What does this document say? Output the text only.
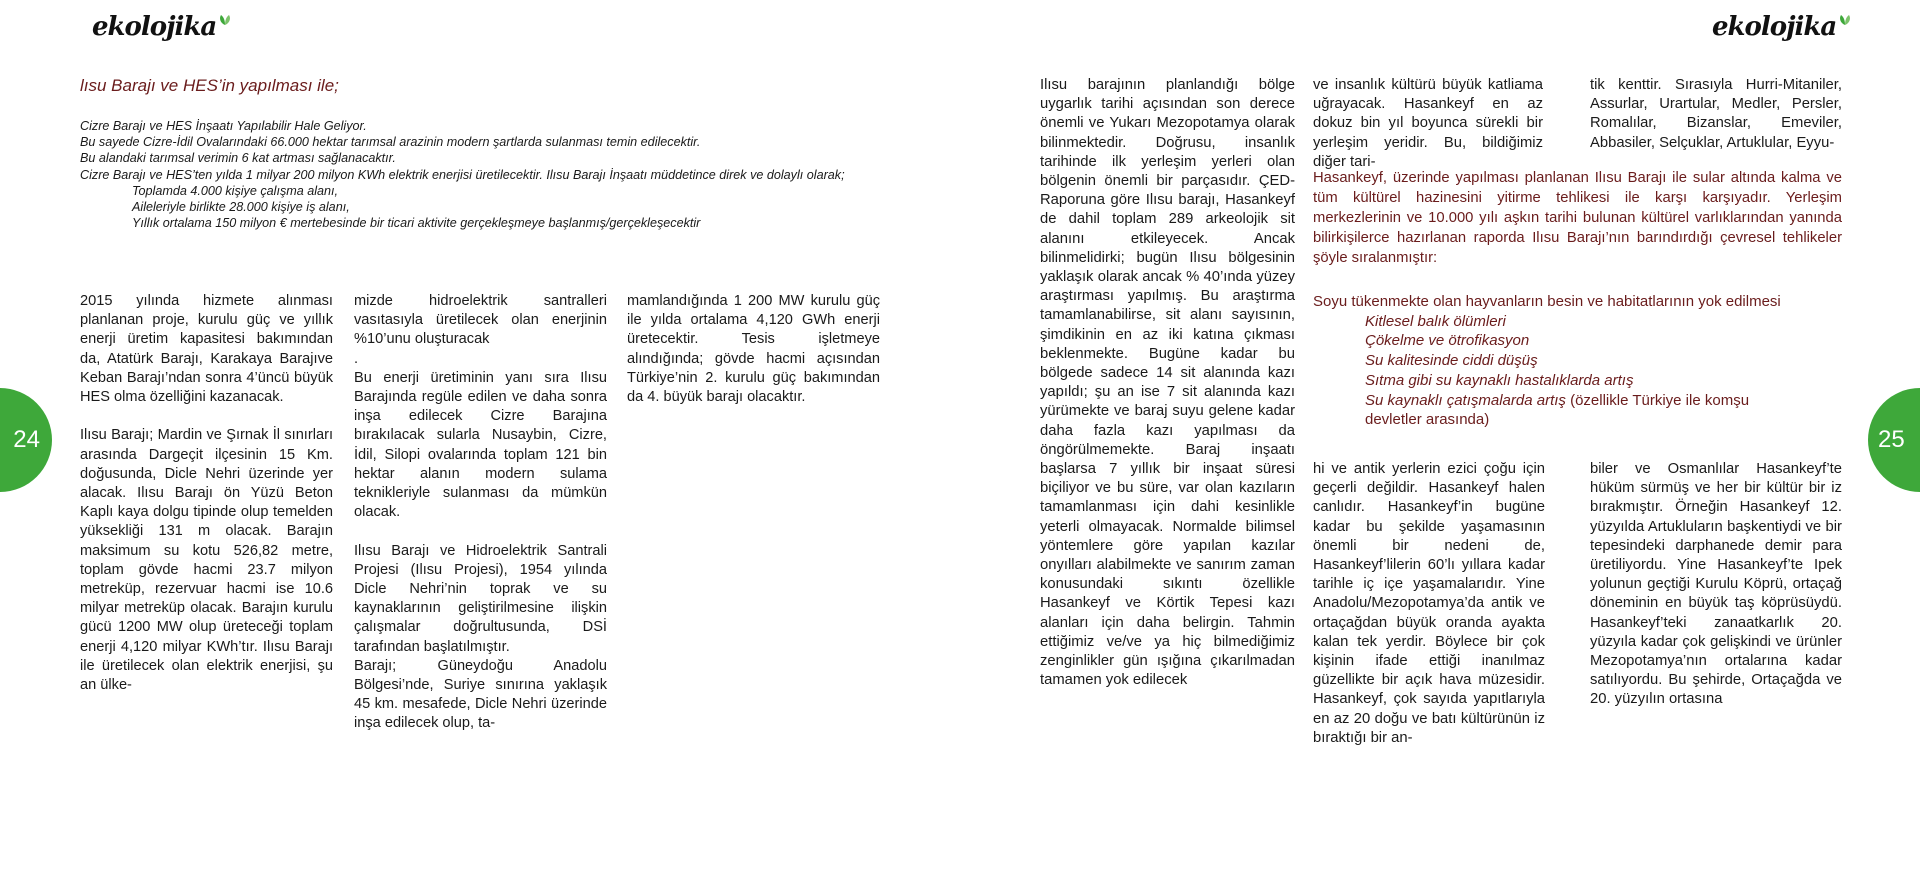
ekolojika	ekolojika
24	25
lısu Barajı ve HES’in yapılması ile;
Cizre Barajı ve HES İnşaatı Yapılabilir Hale Geliyor.
Bu sayede Cizre-İdil Ovalarındaki 66.000 hektar tarımsal arazinin modern şartlarda sulanması temin edilecektir.
Bu alandaki tarımsal verimin 6 kat artması sağlanacaktır.
Cizre Barajı ve HES’ten yılda 1 milyar 200 milyon KWh elektrik enerjisi üretilecektir. Ilısu Barajı İnşaatı müddetince direk ve dolaylı olarak;
Toplamda 4.000 kişiye çalışma alanı,
Aileleriyle birlikte 28.000 kişiye iş alanı,
Yıllık ortalama 150 milyon € mertebesinde bir ticari aktivite gerçekleşmeye başlanmış/gerçekleşecektir

2015 yılında hizmete alınması planlanan proje, kurulu güç ve yıllık enerji üretim kapasitesi bakımından da, Atatürk Barajı, Karakaya Barajıve Keban Barajı’ndan sonra 4’üncü büyük HES olma özelliğini kazanacak.

Ilısu Barajı; Mardin ve Şırnak İl sınırları arasında Dargeçit ilçesinin 15 Km. doğusunda, Dicle Nehri üzerinde yer alacak. Ilısu Barajı ön Yüzü Beton Kaplı kaya dolgu tipinde olup temelden yüksekliği 131 m olacak. Barajın maksimum su kotu 526,82 metre, toplam gövde hacmi 23.7 milyon metreküp, rezervuar hacmi ise 10.6 milyar metreküp olacak. Barajın kurulu gücü 1200 MW olup üreteceği toplam enerji 4,120 milyar KWh’tır. Ilısu Barajı ile üretilecek olan elektrik enerjisi, şu an ülke-

mizde hidroelektrik santralleri vasıtasıyla üretilecek olan enerjinin %10’unu oluşturacak

.

Bu enerji üretiminin yanı sıra Ilısu Barajında regüle edilen ve daha sonra inşa edilecek Cizre Barajına bırakılacak sularla Nusaybin, Cizre, İdil, Silopi ovalarında toplam 121 bin hektar alanın modern sulama teknikleriyle sulanması da mümkün olacak.

Ilısu Barajı ve Hidroelektrik Santrali Projesi (Ilısu Projesi), 1954 yılında Dicle Nehri’nin toprak ve su kaynaklarının geliştirilmesine ilişkin çalışmalar doğrultusunda, DSİ tarafından başlatılmıştır.

Barajı; Güneydoğu Anadolu Bölgesi’nde, Suriye sınırına yaklaşık 45 km. mesafede, Dicle Nehri üzerinde inşa edilecek olup, ta-

mamlandığında 1 200 MW kurulu güç ile yılda ortalama 4,120 GWh enerji üretecektir. Tesis işletmeye alındığında; gövde hacmi açısından Türkiye’nin 2. kurulu güç bakımından da 4. büyük barajı olacaktır.

Ilısu barajının planlandığı bölge uygarlık tarihi açısından son derece önemli ve Yukarı Mezopotamya olarak bilinmektedir. Doğrusu, insanlık tarihinde ilk yerleşim yerleri olan bölgenin önemli bir parçasıdır. ÇED-Raporuna göre Ilısu barajı, Hasankeyf de dahil toplam 289 arkeolojik sit alanını etkileyecek. Ancak bilinmelidirki; bugün Ilısu bölgesinin yaklaşık olarak ancak % 40’ında yüzey araştırması yapılmış. Bu araştırma tamamlanabilirse, sit alanı sayısının, şimdikinin en az iki katına çıkması beklenmekte. Bugüne kadar bu bölgede sadece 14 sit alanında kazı yapıldı; şu an ise 7 sit alanında kazı yürümekte ve baraj suyu gelene kadar daha fazla kazı yapılması da öngörülmemekte. Baraj inşaatı başlarsa 7 yıllık bir inşaat süresi biçiliyor ve bu süre, var olan kazıların tamamlanması için dahi kesinlikle yeterli olmayacak. Normalde bilimsel yöntemlere göre yapılan kazılar onyılları alabilmekte ve sanırım zaman konusundaki sıkıntı özellikle Hasankeyf ve Körtik Tepesi kazı alanları için daha belirgin. Tahmin ettiğimiz ve/ve ya hiç bilmediğimiz zenginlikler gün ışığına çıkarılmadan tamamen yok edilecek

ve insanlık kültürü büyük katliama uğrayacak. Hasankeyf en az dokuz bin yıl boyunca sürekli bir yerleşim yeridir. Bu, bildiğimiz diğer tari-

tik kenttir. Sırasıyla Hurri-Mitaniler, Assurlar, Urartular, Medler, Persler, Romalılar, Bizanslar, Emeviler, Abbasiler, Selçuklar, Artuklular, Eyyu-

Hasankeyf, üzerinde yapılması planlanan Ilısu Barajı ile sular altında kalma ve tüm kültürel hazinesini yitirme tehlikesi ile karşı karşıyadır. Yerleşim merkezlerinin ve 10.000 yılı aşkın tarihi bulunan kültürel varlıklarından yanında bilirkişilerce hazırlanan raporda Ilısu Barajı’nın barındırdığı çevresel tehlikeler şöyle sıralanmıştır:

Soyu tükenmekte olan hayvanların besin ve habitatlarının yok edilmesi
Kitlesel balık ölümleri
Çökelme ve ötrofikasyon
Su kalitesinde ciddi düşüş
Sıtma gibi su kaynaklı hastalıklarda artış
Su kaynaklı çatışmalarda artış (özellikle Türkiye ile komşu devletler arasında)

hi ve antik yerlerin ezici çoğu için geçerli değildir. Hasankeyf halen canlıdır. Hasankeyf’in bugüne kadar bu şekilde yaşamasının önemli bir nedeni de, Hasankeyf’lilerin 60’lı yıllara kadar tarihle iç içe yaşamalarıdır. Yine Anadolu/Mezopotamya’da antik ve ortaçağdan büyük oranda ayakta kalan tek yerdir. Böylece bir çok kişinin ifade ettiği inanılmaz güzellikte bir açık hava müzesidir. Hasankeyf, çok sayıda yapıtlarıyla en az 20 doğu ve batı kültürünün iz bıraktığı bir an-

biler ve Osmanlılar Hasankeyf’te hüküm sürmüş ve her bir kültür bir iz bırakmıştır. Örneğin Hasankeyf 12. yüzyılda Artukluların başkentiydi ve bir tepesindeki darphanede demir para üretiliyordu. Yine Hasankeyf’te Ipek yolunun geçtiği Kurulu Köprü, ortaçağ döneminin en büyük taş köprüsüydü. Hasankeyf’teki zanaatkarlık 20. yüzyıla kadar çok gelişkindi ve ürünler Mezopotamya’nın ortalarına kadar satılıyordu. Bu şehirde, Ortaçağda ve 20. yüzyılın ortasına
